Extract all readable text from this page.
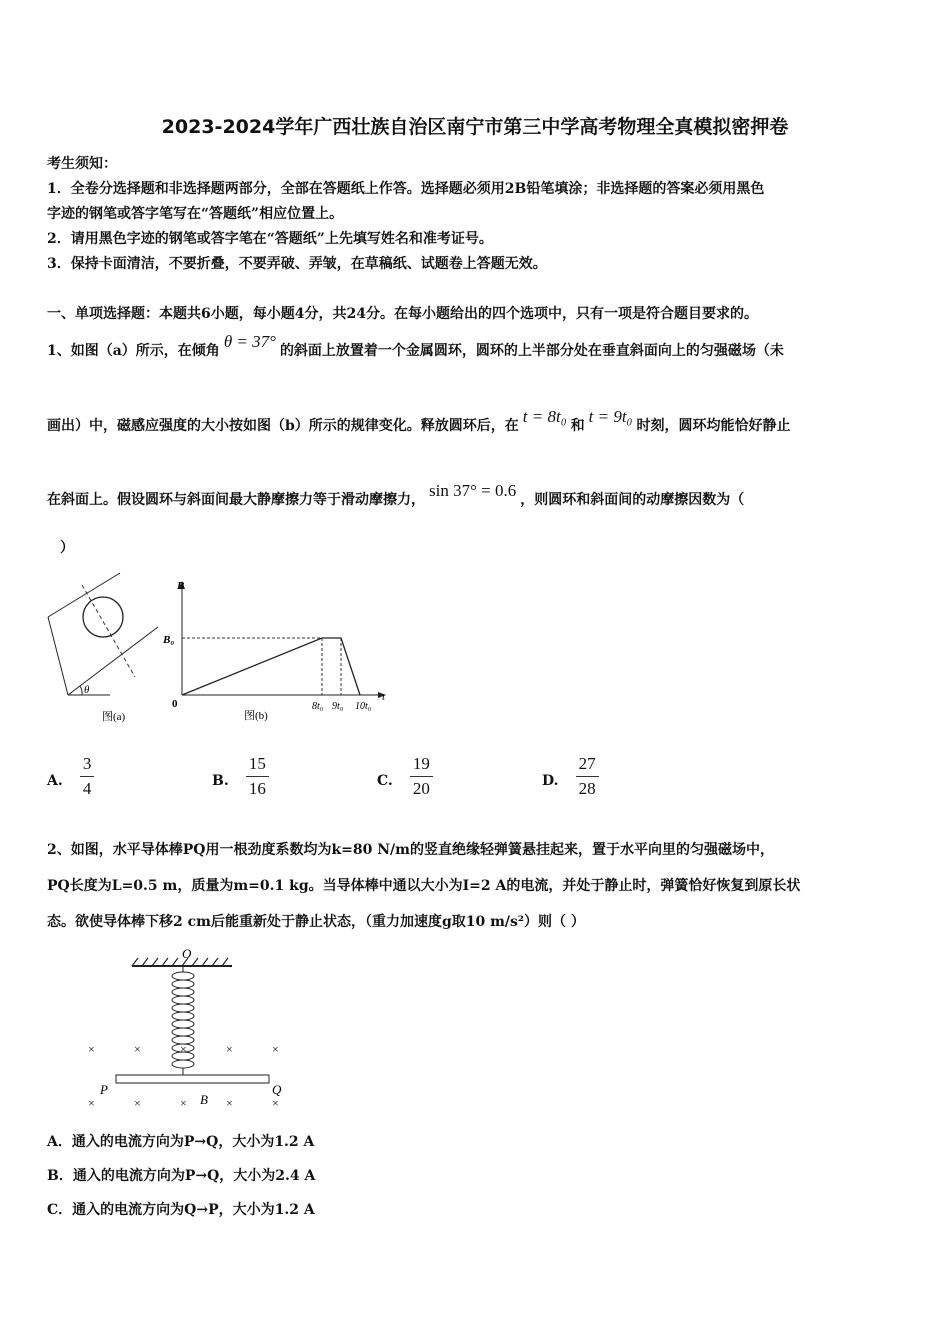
2023-2024学年广西壮族自治区南宁市第三中学高考物理全真模拟密押卷
考生须知：
1．全卷分选择题和非选择题两部分，全部在答题纸上作答。选择题必须用2B铅笔填涂；非选择题的答案必须用黑色
字迹的钢笔或答字笔写在“答题纸”相应位置上。
2．请用黑色字迹的钢笔或答字笔在“答题纸”上先填写姓名和准考证号。
3．保持卡面清洁，不要折叠，不要弄破、弄皱，在草稿纸、试题卷上答题无效。
一、单项选择题：本题共6小题，每小题4分，共24分。在每小题给出的四个选项中，只有一项是符合题目要求的。
1、如图（a）所示，在倾角 θ = 37° 的斜面上放置着一个金属圆环，圆环的上半部分处在垂直斜面向上的匀强磁场（未
画出）中，磁感应强度的大小按如图（b）所示的规律变化。释放圆环后，在 t = 8t₀ 和 t = 9t₀ 时刻，圆环均能恰好静止
在斜面上。假设圆环与斜面间最大静摩擦力等于滑动摩擦力， sin 37° = 0.6 ，则圆环和斜面间的动摩擦因数为（
）
θ
图(a)
B
B₀
0
t
8t₀ 9t₀ 10t₀
图(b)
A. $\frac{3}{4}$	B. $\frac{15}{16}$	C. $\frac{19}{20}$	D. $\frac{27}{28}$
2、如图，水平导体棒PQ用一根劲度系数均为k=80 N/m的竖直绝缘轻弹簧悬挂起来，置于水平向里的匀强磁场中，
PQ长度为L=0.5 m，质量为m=0.1 kg。当导体棒中通以大小为I=2 A的电流，并处于静止时，弹簧恰好恢复到原长状
态。欲使导体棒下移2 cm后能重新处于静止状态，（重力加速度g取10 m/s²）则（ ）
O
P	Q
B
×	×	×	×	×
×	×	×	×	×
A．通入的电流方向为P→Q，大小为1.2 A
B．通入的电流方向为P→Q，大小为2.4 A
C．通入的电流方向为Q→P，大小为1.2 A
